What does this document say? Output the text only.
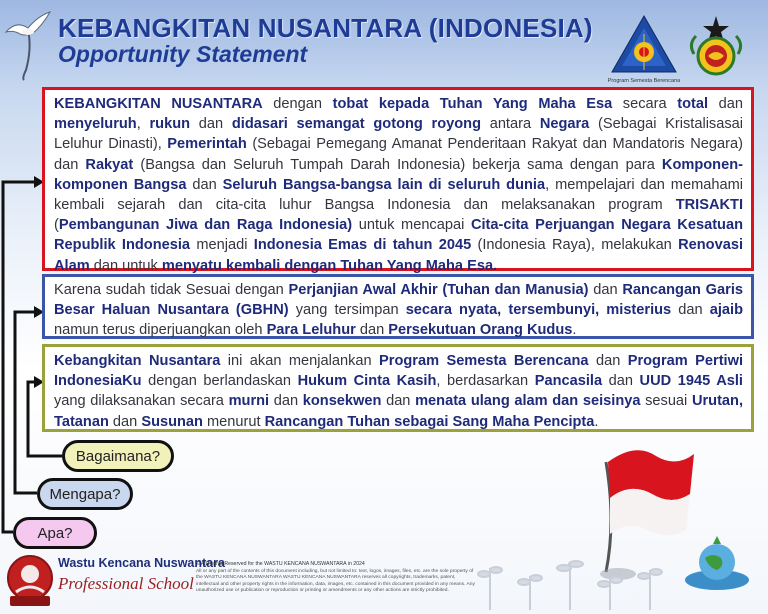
KEBANGKITAN NUSANTARA (INDONESIA)
Opportunity Statement
Program Semesta Berencana
KEBANGKITAN NUSANTARA dengan tobat kepada Tuhan Yang Maha Esa secara total dan menyeluruh, rukun dan didasari semangat gotong royong antara Negara (Sebagai Kristalisasai Leluhur Dinasti), Pemerintah (Sebagai Pemegang Amanat Penderitaan Rakyat dan Mandatoris Negara) dan Rakyat (Bangsa dan Seluruh Tumpah Darah Indonesia) bekerja sama dengan para Komponen-komponen Bangsa dan Seluruh Bangsa-bangsa lain di seluruh dunia, mempelajari dan memahami kembali sejarah dan cita-cita luhur Bangsa Indonesia dan melaksanakan program TRISAKTI (Pembangunan Jiwa dan Raga Indonesia) untuk mencapai Cita-cita Perjuangan Negara Kesatuan Republik Indonesia menjadi Indonesia Emas di tahun 2045 (Indonesia Raya), melakukan Renovasi Alam dan untuk menyatu kembali dengan Tuhan Yang Maha Esa.
Karena sudah tidak Sesuai dengan Perjanjian Awal Akhir (Tuhan dan Manusia) dan Rancangan Garis Besar Haluan Nusantara (GBHN) yang tersimpan secara nyata, tersembunyi, misterius dan ajaib namun terus diperjuangkan oleh Para Leluhur dan Persekutuan Orang Kudus.
Kebangkitan Nusantara ini akan menjalankan Program Semesta Berencana dan Program Pertiwi IndonesiaKu dengan berlandaskan Hukum Cinta Kasih, berdasarkan Pancasila dan UUD 1945 Asli yang dilaksanakan secara murni dan konsekwen dan menata ulang alam dan seisinya sesuai Urutan, Tatanan dan Susunan menurut Rancangan Tuhan sebagai Sang Maha Pencipta.
Bagaimana?
Mengapa?
Apa?
Wastu Kencana Nuswantara
Professional School
© All Rights Reserved for the WASTU KENCANA NUSWANTARA in 2024
All or any part of the contents of this document including, but not limited to: text, logos, images, files, etc. are the sole property of the WASTU KENCANA NUSWANTARA WASTU KENCANA NUSWANTARA reserves all copyrights, trademarks, patent, intellectual and other property rights in the information, data, images, etc. contained in this document provided in any means. Any unauthorized use or publication or reproduction or printing or amendments or any other actions are strictly prohibited.
